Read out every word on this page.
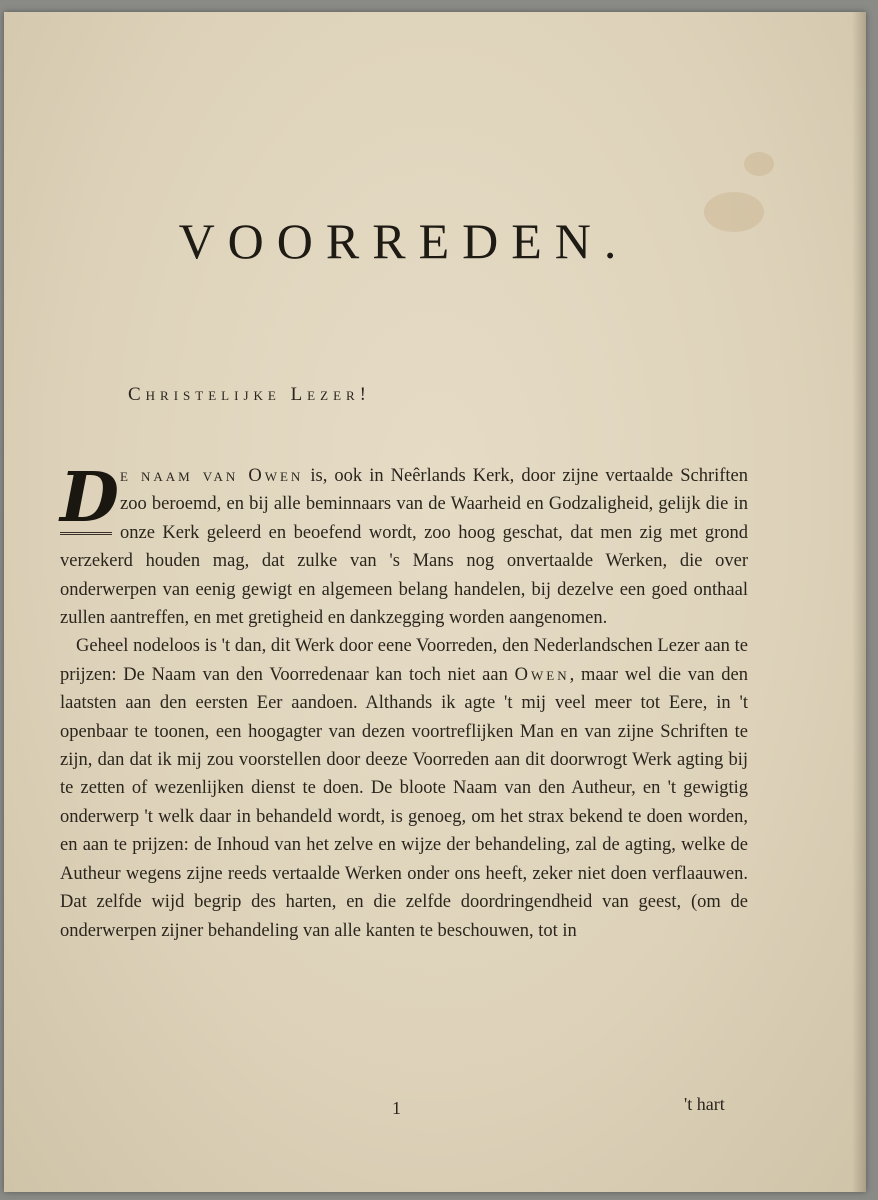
VOORREDEN.
Christelijke Lezer!

D e naam van Owen is, ook in Neêrlands Kerk, door zijne vertaalde Schriften zoo beroemd, en bij alle beminnaars van de Waarheid en Godzaligheid, gelijk die in onze Kerk geleerd en beoefend wordt, zoo hoog geschat, dat men zig met grond verzekerd houden mag, dat zulke van 's Mans nog onvertaalde Werken, die over onderwerpen van eenig gewigt en algemeen belang handelen, bij dezelve een goed onthaal zullen aantreffen, en met gretigheid en dankzegging worden aangenomen.

Geheel nodeloos is 't dan, dit Werk door eene Voorreden, den Nederlandschen Lezer aan te prijzen: De Naam van den Voorredenaar kan toch niet aan Owen, maar wel die van den laatsten aan den eersten Eer aandoen. Althands ik agte 't mij veel meer tot Eere, in 't openbaar te toonen, een hoogagter van dezen voortreflijken Man en van zijne Schriften te zijn, dan dat ik mij zou voorstellen door deeze Voorreden aan dit doorwrogt Werk agting bij te zetten of wezenlijken dienst te doen. De bloote Naam van den Autheur, en 't gewigtig onderwerp 't welk daar in behandeld wordt, is genoeg, om het strax bekend te doen worden, en aan te prijzen: de Inhoud van het zelve en wijze der behandeling, zal de agting, welke de Autheur wegens zijne reeds vertaalde Werken onder ons heeft, zeker niet doen verflaauwen. Dat zelfde wijd begrip des harten, en die zelfde doordringendheid van geest, (om de onderwerpen zijner behandeling van alle kanten te beschouwen, tot in

1	't hart
